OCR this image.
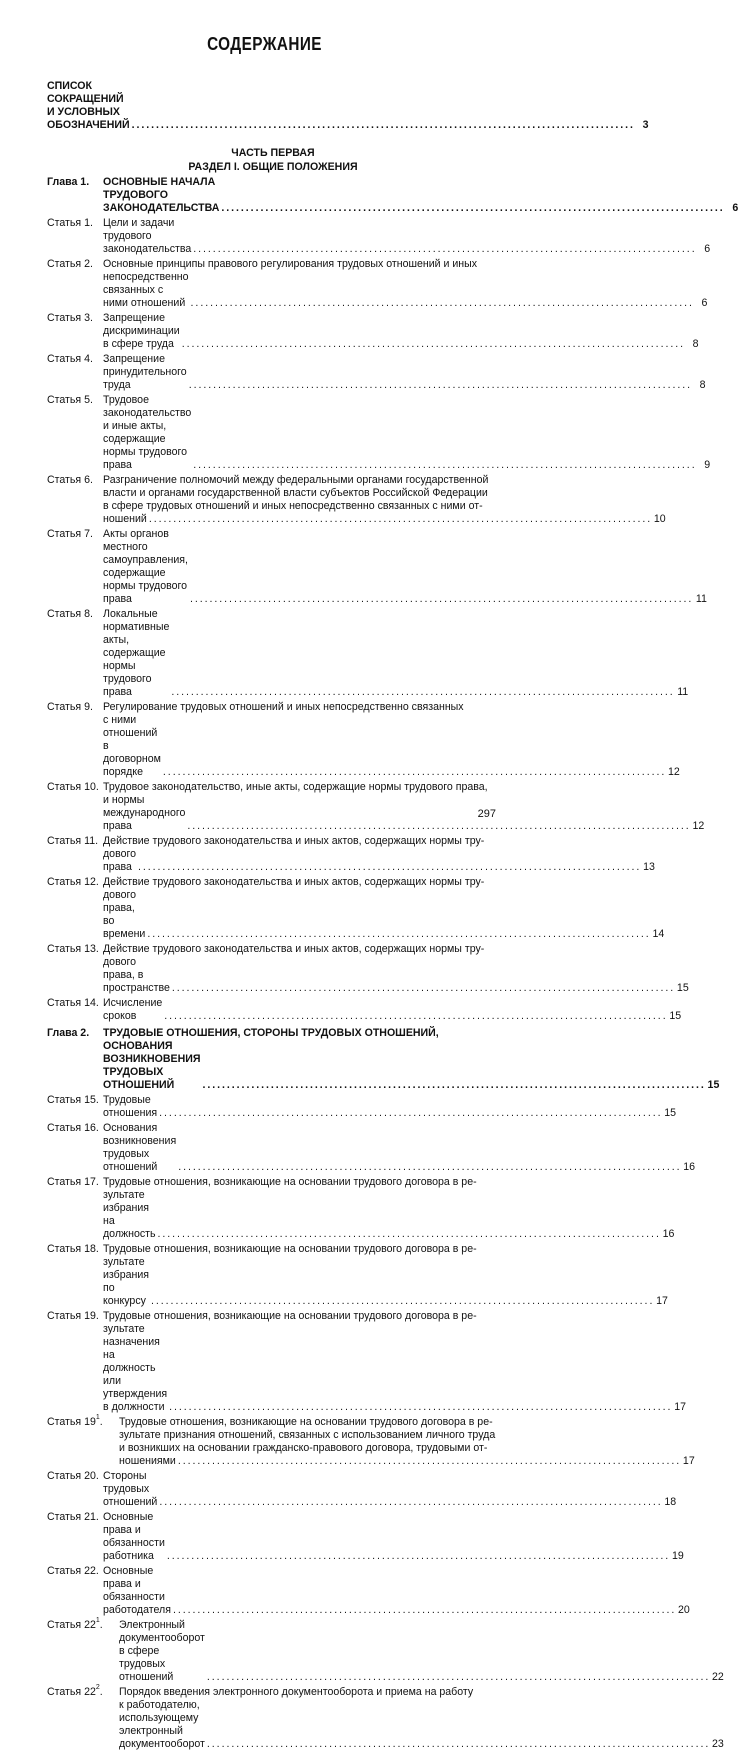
СОДЕРЖАНИЕ
СПИСОК СОКРАЩЕНИЙ И УСЛОВНЫХ ОБОЗНАЧЕНИЙ . . .	3
ЧАСТЬ ПЕРВАЯ
РАЗДЕЛ I. ОБЩИЕ ПОЛОЖЕНИЯ
Глава 1.	ОСНОВНЫЕ НАЧАЛА ТРУДОВОГО ЗАКОНОДАТЕЛЬСТВА . . .	6
Статья 1. Цели и задачи трудового законодательства . . .	6
Статья 2. Основные принципы правового регулирования трудовых отношений и иных
непосредственно связанных с ними отношений . . .	6
Статья 3. Запрещение дискриминации в сфере труда . . .	8
Статья 4. Запрещение принудительного труда . . .	8
Статья 5. Трудовое законодательство и иные акты, содержащие нормы трудового права . . .	9
Статья 6. Разграничение полномочий между федеральными органами государственной
власти и органами государственной власти субъектов Российской Федерации
в сфере трудовых отношений и иных непосредственно связанных с ними от-
ношений . . .	10
Статья 7. Акты органов местного самоуправления, содержащие нормы трудового права . . .	11
Статья 8. Локальные нормативные акты, содержащие нормы трудового права . . .	11
Статья 9. Регулирование трудовых отношений и иных непосредственно связанных
с ними отношений в договорном порядке . . .	12
Статья 10. Трудовое законодательство, иные акты, содержащие нормы трудового права,
и нормы международного права . . .	12
Статья 11. Действие трудового законодательства и иных актов, содержащих нормы тру-
дового права . . .	13
Статья 12. Действие трудового законодательства и иных актов, содержащих нормы тру-
дового права, во времени . . .	14
Статья 13. Действие трудового законодательства и иных актов, содержащих нормы тру-
дового права, в пространстве . . .	15
Статья 14. Исчисление сроков . . .	15
Глава 2.	ТРУДОВЫЕ ОТНОШЕНИЯ, СТОРОНЫ ТРУДОВЫХ ОТНОШЕНИЙ,
ОСНОВАНИЯ ВОЗНИКНОВЕНИЯ ТРУДОВЫХ ОТНОШЕНИЙ . . .	15
Статья 15. Трудовые отношения . . .	15
Статья 16. Основания возникновения трудовых отношений . . .	16
Статья 17. Трудовые отношения, возникающие на основании трудового договора в ре-
зультате избрания на должность . . .	16
Статья 18. Трудовые отношения, возникающие на основании трудового договора в ре-
зультате избрания по конкурсу . . .	17
Статья 19. Трудовые отношения, возникающие на основании трудового договора в ре-
зультате назначения на должность или утверждения в должности . . .	17
Статья $19^1$.	Трудовые отношения, возникающие на основании трудового договора в ре-
зультате признания отношений, связанных с использованием личного труда
и возникших на основании гражданско-правового договора, трудовыми от-
ношениями . . .	17
Статья 20. Стороны трудовых отношений . . .	18
Статья 21. Основные права и обязанности работника . . .	19
Статья 22. Основные права и обязанности работодателя . . .	20
Статья $22^1$.	Электронный документооборот в сфере трудовых отношений . . .	22
Статья $22^2$.	Порядок введения электронного документооборота и приема на работу
к работодателю, использующему электронный документооборот . . .	23
297
